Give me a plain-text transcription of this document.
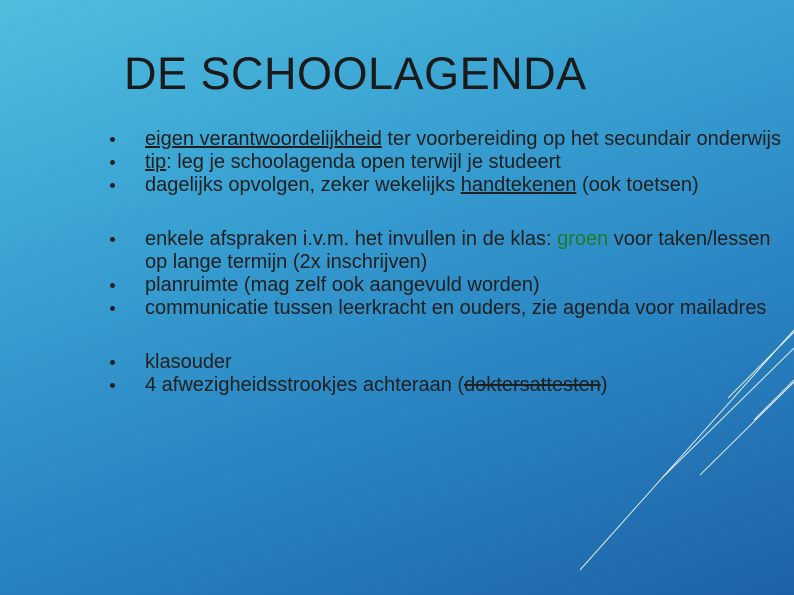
DE SCHOOLAGENDA
eigen verantwoordelijkheid ter voorbereiding op het secundair onderwijs
tip: leg je schoolagenda open terwijl je studeert
dagelijks opvolgen, zeker wekelijks handtekenen (ook toetsen)
enkele afspraken i.v.m. het invullen in de klas: groen voor taken/lessen op lange termijn (2x inschrijven)
planruimte (mag zelf ook aangevuld worden)
communicatie tussen leerkracht en ouders, zie agenda voor mailadres
klasouder
4 afwezigheidsstrookjes achteraan (doktersattesten)
